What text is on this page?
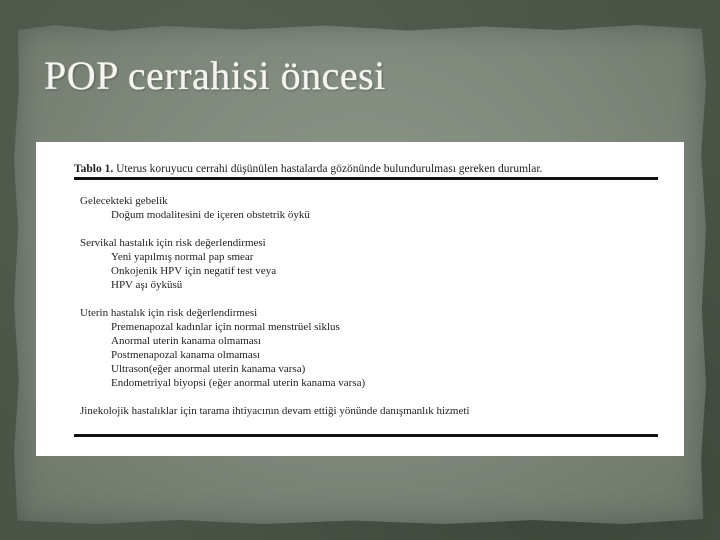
POP cerrahisi öncesi
Tablo 1. Uterus koruyucu cerrahi düşünülen hastalarda gözönünde bulundurulması gereken durumlar.
Gelecekteki gebelik
Doğum modalitesini de içeren obstetrik öykü
Servikal hastalık için risk değerlendirmesi
Yeni yapılmış normal pap smear
Onkojenik HPV için negatif test veya
HPV aşı öyküsü
Uterin hastalık için risk değerlendirmesi
Premenapozal kadınlar için normal menstrüel siklus
Anormal uterin kanama olmaması
Postmenapozal kanama olmaması
Ultrason(eğer anormal uterin kanama varsa)
Endometriyal biyopsi (eğer anormal uterin kanama varsa)
Jinekolojik hastalıklar için tarama ihtiyacının devam ettiği yönünde danışmanlık hizmeti
